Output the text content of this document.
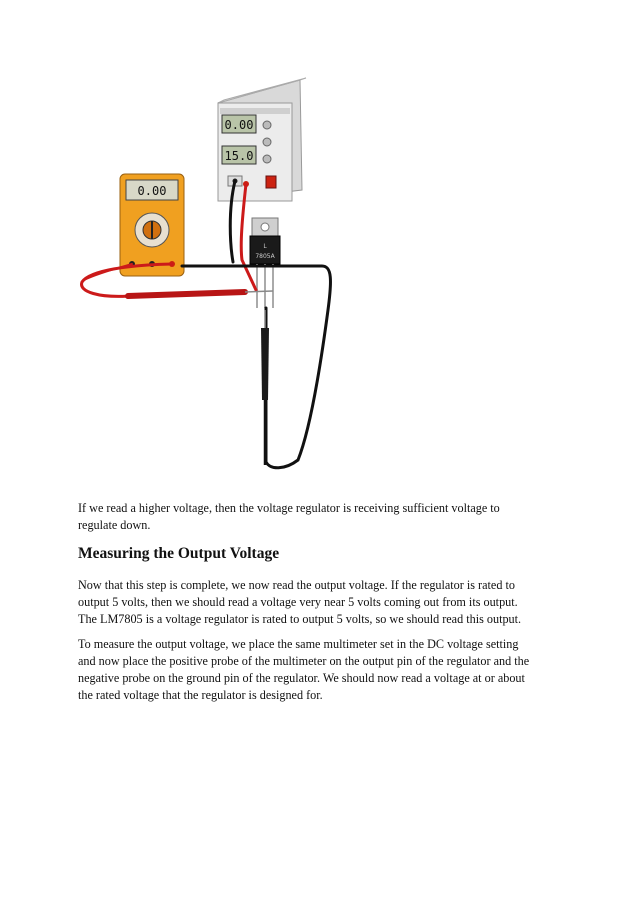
0.00
15.0
0.00
L
7805A

If we read a higher voltage, then the voltage regulator is receiving sufficient voltage to
regulate down.

Measuring the Output Voltage

Now that this step is complete, we now read the output voltage. If the regulator is rated to
output 5 volts, then we should read a voltage very near 5 volts coming out from its output.
The LM7805 is a voltage regulator is rated to output 5 volts, so we should read this output.

To measure the output voltage, we place the same multimeter set in the DC voltage setting
and now place the positive probe of the multimeter on the output pin of the regulator and the
negative probe on the ground pin of the regulator. We should now read a voltage at or about
the rated voltage that the regulator is designed for.
